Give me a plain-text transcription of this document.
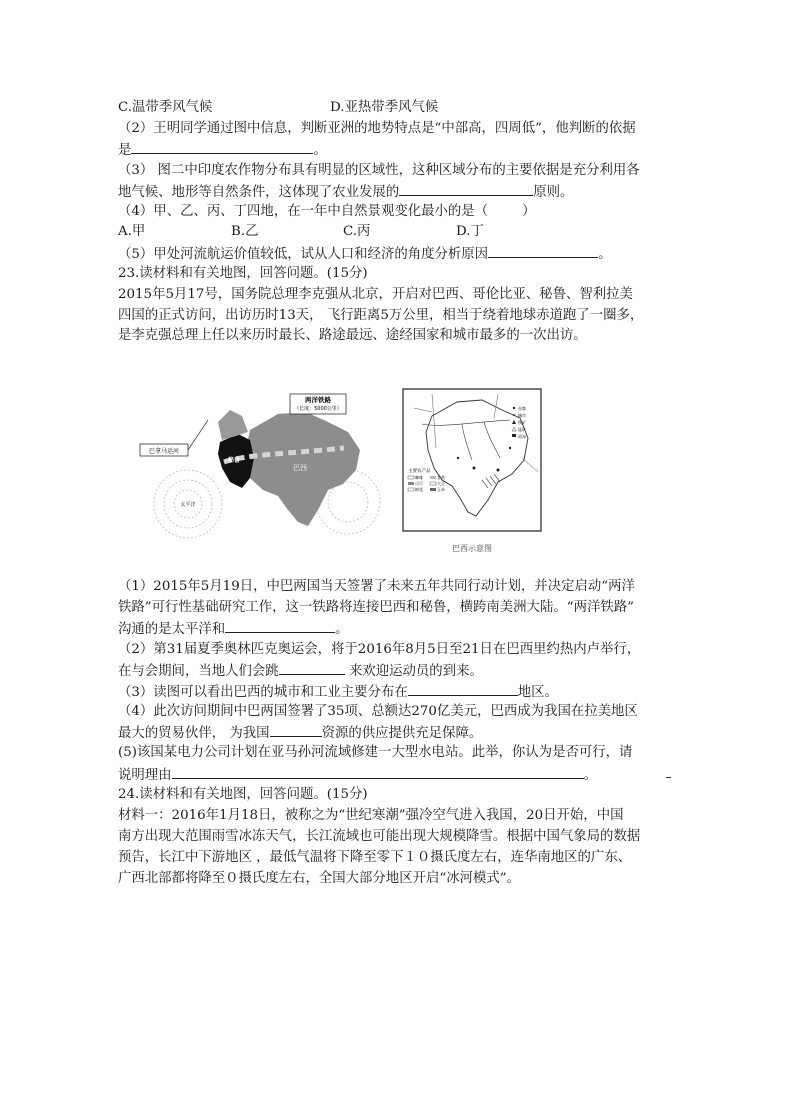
C.温带季风气候	D.亚热带季风气候
（2）王明同学通过图中信息，判断亚洲的地势特点是“中部高，四周低”，他判断的依据
是	。
（3） 图二中印度农作物分布具有明显的区域性，这种区域分布的主要依据是充分利用各
地气候、地形等自然条件，这体现了农业发展的	原则。
（4）甲、乙、丙、丁四地，在一年中自然景观变化最小的是（	）
A.甲	B.乙	C.丙	D.丁
（5）甲处河流航运价值较低，试从人口和经济的角度分析原因	。
23.读材料和有关地图，回答问题。(15分)
2015年5月17号，国务院总理李克强从北京，开启对巴西、哥伦比亚、秘鲁、智利拉美
四国的正式访问，出访历时13天， 飞行距离5万公里，相当于绕着地球赤道跑了一圈多，
是李克强总理上任以来历时最长、路途最远、途经国家和城市最多的一次出访。
巴拿马运河
两洋铁路
（长度：5000公里）
秘鲁
巴西
太平洋
主要农产品
咖啡
可可
棉花
甘蔗
大豆
玉米
首都
城市
铁矿
锰矿
原油
巴西示意图
（1）2015年5月19日，中巴两国当天签署了未来五年共同行动计划，并决定启动“两洋
铁路”可行性基础研究工作，这一铁路将连接巴西和秘鲁，横跨南美洲大陆。“两洋铁路”
沟通的是太平洋和	。
（2）第31届夏季奥林匹克奥运会，将于2016年8月5日至21日在巴西里约热内卢举行，
在与会期间，当地人们会跳	来欢迎运动员的到来。
（3）读图可以看出巴西的城市和工业主要分布在	地区。
（4）此次访问期间中巴两国签署了35项、总额达270亿美元，巴西成为我国在拉美地区
最大的贸易伙伴， 为我国	资源的供应提供充足保障。
(5)该国某电力公司计划在亚马孙河流域修建一大型水电站。此举，你认为是否可行，请
说明理由	。
24.读材料和有关地图，回答问题。(15分)
材料一：2016年1月18日，被称之为“世纪寒潮”强冷空气进入我国，20日开始，中国
南方出现大范围雨雪冰冻天气，长江流域也可能出现大规模降雪。根据中国气象局的数据
预告，长江中下游地区 ，最低气温将下降至零下１０摄氏度左右，连华南地区的广东、
广西北部都将降至０摄氏度左右，全国大部分地区开启“冰河模式”。
